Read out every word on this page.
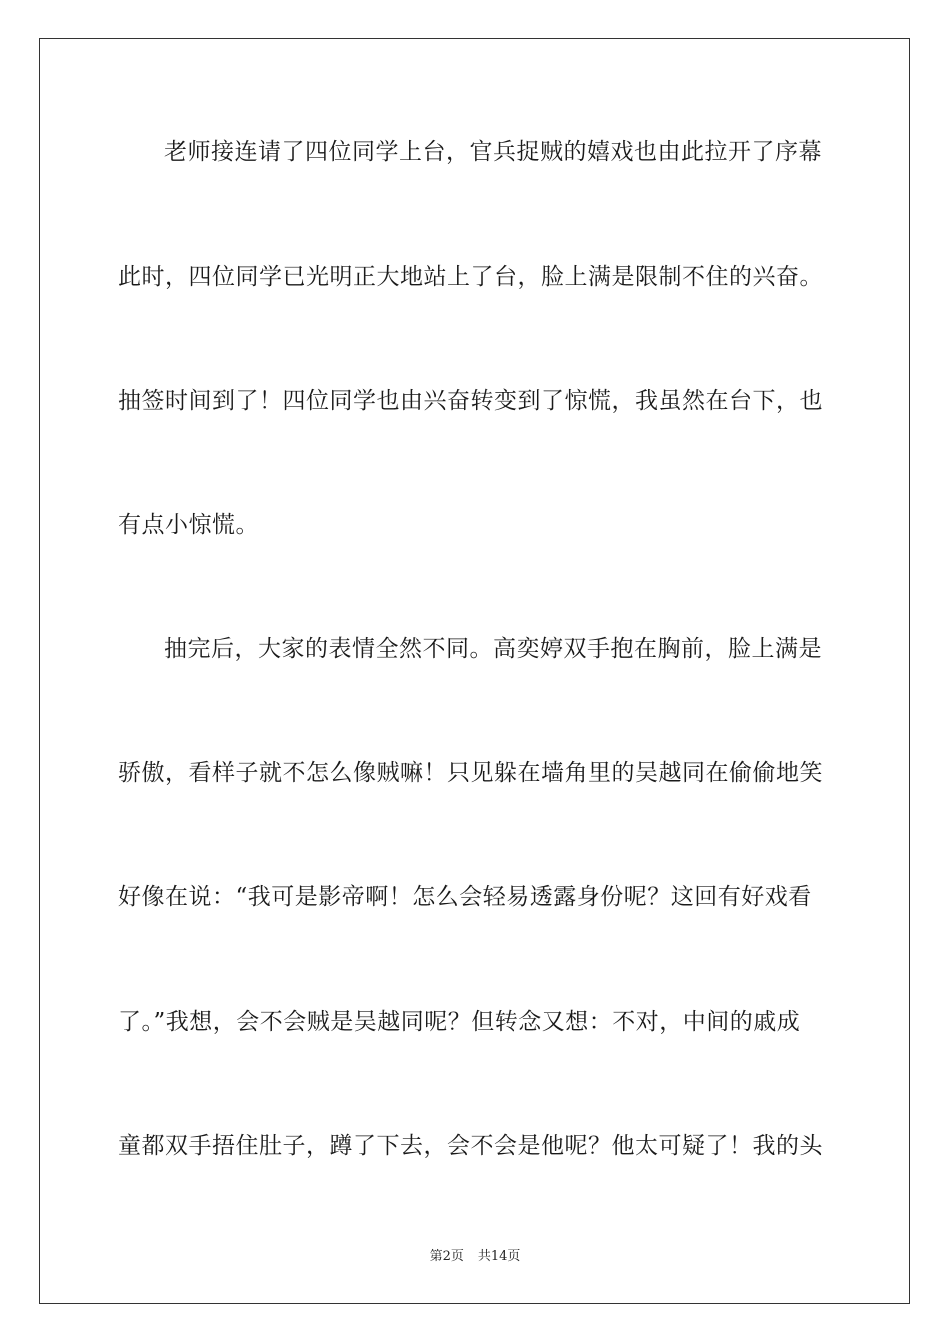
老师接连请了四位同学上台，官兵捉贼的嬉戏也由此拉开了序幕
此时，四位同学已光明正大地站上了台，脸上满是限制不住的兴奋。
抽签时间到了！四位同学也由兴奋转变到了惊慌，我虽然在台下，也
有点小惊慌。
抽完后，大家的表情全然不同。高奕婷双手抱在胸前，脸上满是
骄傲，看样子就不怎么像贼嘛！只见躲在墙角里的吴越同在偷偷地笑
好像在说：“我可是影帝啊！怎么会轻易透露身份呢？这回有好戏看
了。”我想，会不会贼是吴越同呢？但转念又想：不对，中间的戚成
童都双手捂住肚子，蹲了下去，会不会是他呢？他太可疑了！我的头
第2页 共14页
